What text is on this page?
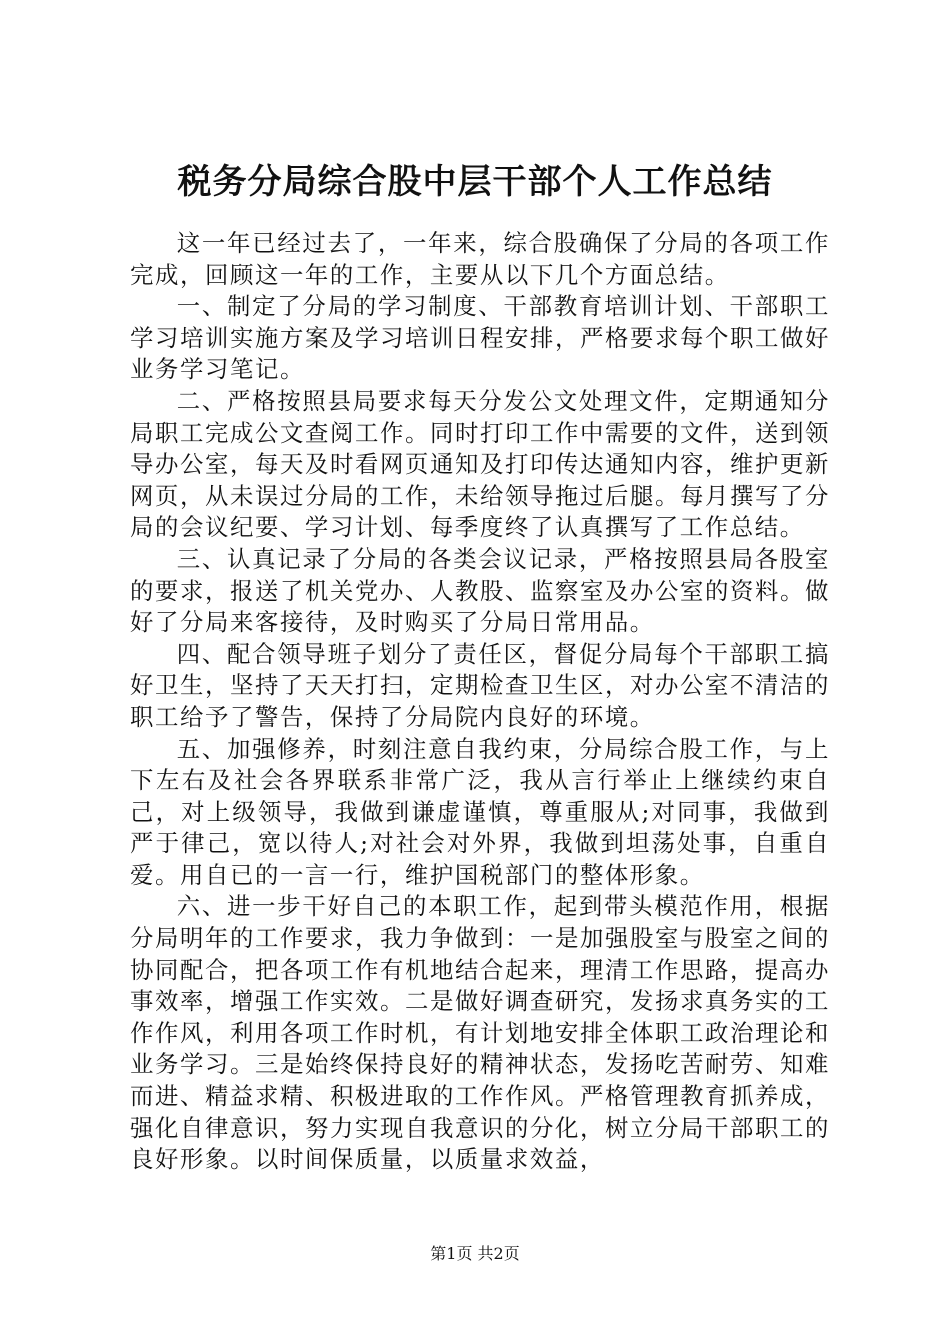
税务分局综合股中层干部个人工作总结

这一年已经过去了，一年来，综合股确保了分局的各项工作完成，回顾这一年的工作，主要从以下几个方面总结。

一、制定了分局的学习制度、干部教育培训计划、干部职工学习培训实施方案及学习培训日程安排，严格要求每个职工做好业务学习笔记。

二、严格按照县局要求每天分发公文处理文件，定期通知分局职工完成公文查阅工作。同时打印工作中需要的文件，送到领导办公室，每天及时看网页通知及打印传达通知内容，维护更新网页，从未误过分局的工作，未给领导拖过后腿。每月撰写了分局的会议纪要、学习计划、每季度终了认真撰写了工作总结。

三、认真记录了分局的各类会议记录，严格按照县局各股室的要求，报送了机关党办、人教股、监察室及办公室的资料。做好了分局来客接待，及时购买了分局日常用品。

四、配合领导班子划分了责任区，督促分局每个干部职工搞好卫生，坚持了天天打扫，定期检查卫生区，对办公室不清洁的职工给予了警告，保持了分局院内良好的环境。

五、加强修养，时刻注意自我约束，分局综合股工作，与上下左右及社会各界联系非常广泛，我从言行举止上继续约束自己，对上级领导，我做到谦虚谨慎，尊重服从;对同事，我做到严于律己，宽以待人;对社会对外界，我做到坦荡处事，自重自爱。用自已的一言一行，维护国税部门的整体形象。

六、进一步干好自己的本职工作，起到带头模范作用，根据分局明年的工作要求，我力争做到：一是加强股室与股室之间的协同配合，把各项工作有机地结合起来，理清工作思路，提高办事效率，增强工作实效。二是做好调查研究，发扬求真务实的工作作风，利用各项工作时机，有计划地安排全体职工政治理论和业务学习。三是始终保持良好的精神状态，发扬吃苦耐劳、知难而进、精益求精、积极进取的工作作风。严格管理教育抓养成，强化自律意识，努力实现自我意识的分化，树立分局干部职工的良好形象。以时间保质量，以质量求效益，

第1页 共2页
